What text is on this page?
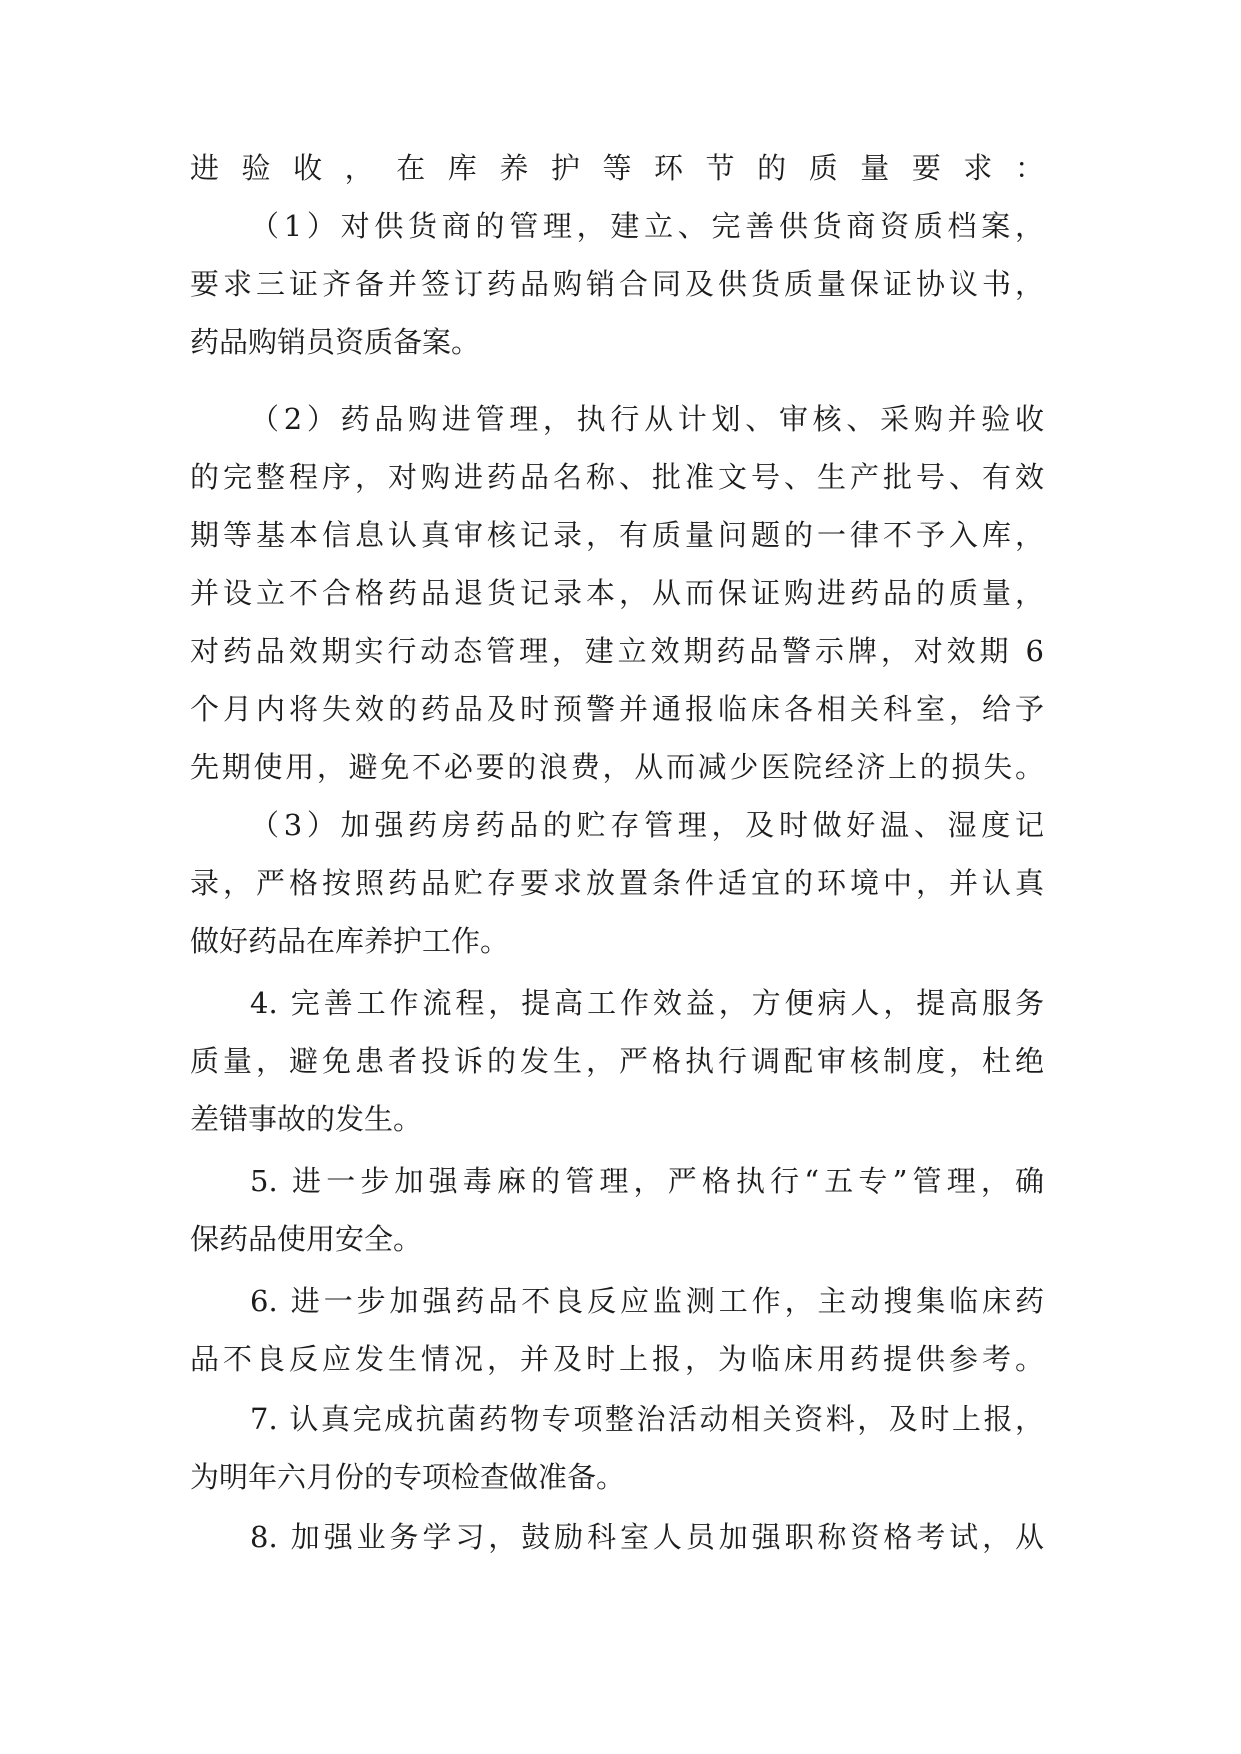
进验收，在库养护等环节的质量要求：
（1）对供货商的管理，建立、完善供货商资质档案，
要求三证齐备并签订药品购销合同及供货质量保证协议书，
药品购销员资质备案。
（2）药品购进管理，执行从计划、审核、采购并验收
的完整程序，对购进药品名称、批准文号、生产批号、有效
期等基本信息认真审核记录，有质量问题的一律不予入库，
并设立不合格药品退货记录本，从而保证购进药品的质量，
对药品效期实行动态管理，建立效期药品警示牌，对效期 6
个月内将失效的药品及时预警并通报临床各相关科室，给予
先期使用，避免不必要的浪费，从而减少医院经济上的损失。
（3）加强药房药品的贮存管理，及时做好温、湿度记
录，严格按照药品贮存要求放置条件适宜的环境中，并认真
做好药品在库养护工作。
4. 完善工作流程，提高工作效益，方便病人，提高服务
质量，避免患者投诉的发生，严格执行调配审核制度，杜绝
差错事故的发生。
5. 进一步加强毒麻的管理，严格执行“五专”管理，确
保药品使用安全。
6. 进一步加强药品不良反应监测工作，主动搜集临床药
品不良反应发生情况，并及时上报，为临床用药提供参考。
7. 认真完成抗菌药物专项整治活动相关资料，及时上报，
为明年六月份的专项检查做准备。
8. 加强业务学习，鼓励科室人员加强职称资格考试，从
